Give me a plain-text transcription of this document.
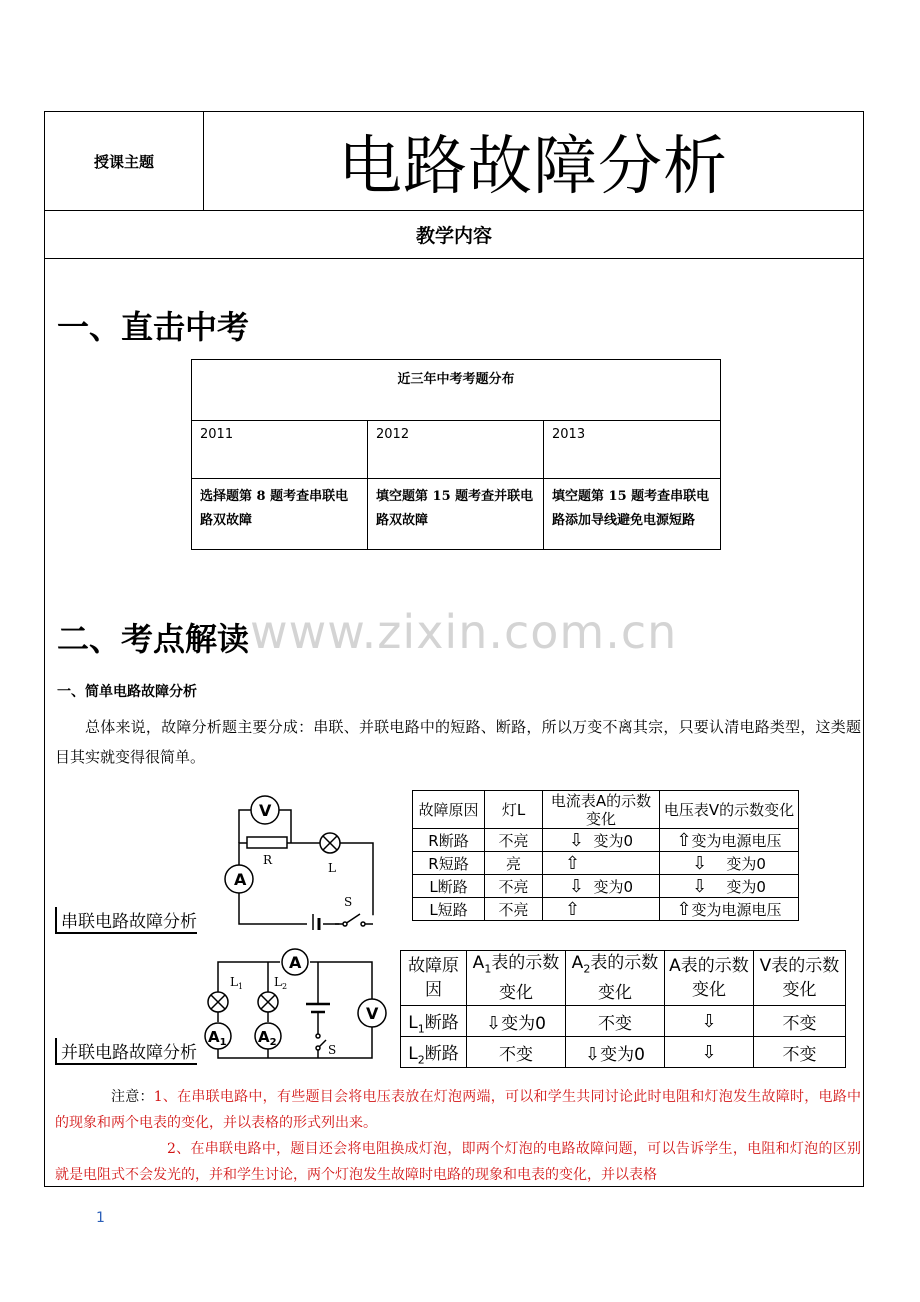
授课主题	电路故障分析
教学内容
一、直击中考
近三年中考考题分布		
2011	2012	2013
选择题第 8 题考查串联电路双故障	填空题第 15 题考查并联电路双故障	填空题第 15 题考查串联电路添加导线避免电源短路
二、考点解读
一、简单电路故障分析
总体来说，故障分析题主要分成：串联、并联电路中的短路、断路，所以万变不离其宗，只要认清电路类型，这类题目其实就变得很简单。
A
V
R
L
S
串联电路故障分析
故障原因	灯L	电流表A的示数变化	电压表V的示数变化
R断路	不亮	⇩ 变为0	⇧变为电源电压
R短路	亮	⇧	⇩ 变为0
L断路	不亮	⇩ 变为0	⇩ 变为0
L短路	不亮	⇧	⇧变为电源电压
$L_1$	$L_2$
A
$A_1$ $A_2$
V
S
并联电路故障分析
故障原因	$A_1$表的示数变化	$A_2$表的示数变化	A表的示数变化	V表的示数变化
$L_1$断路	⇩变为0	不变	⇩	不变
$L_2$断路	不变	⇩变为0	⇩	不变
注意：1、在串联电路中，有些题目会将电压表放在灯泡两端，可以和学生共同讨论此时电阻和灯泡发生故障时，电路中的现象和两个电表的变化，并以表格的形式列出来。
2、在串联电路中，题目还会将电阻换成灯泡，即两个灯泡的电路故障问题，可以告诉学生，电阻和灯泡的区别就是电阻式不会发光的，并和学生讨论，两个灯泡发生故障时电路的现象和电表的变化，并以表格
www.zixin.com.cn
1
